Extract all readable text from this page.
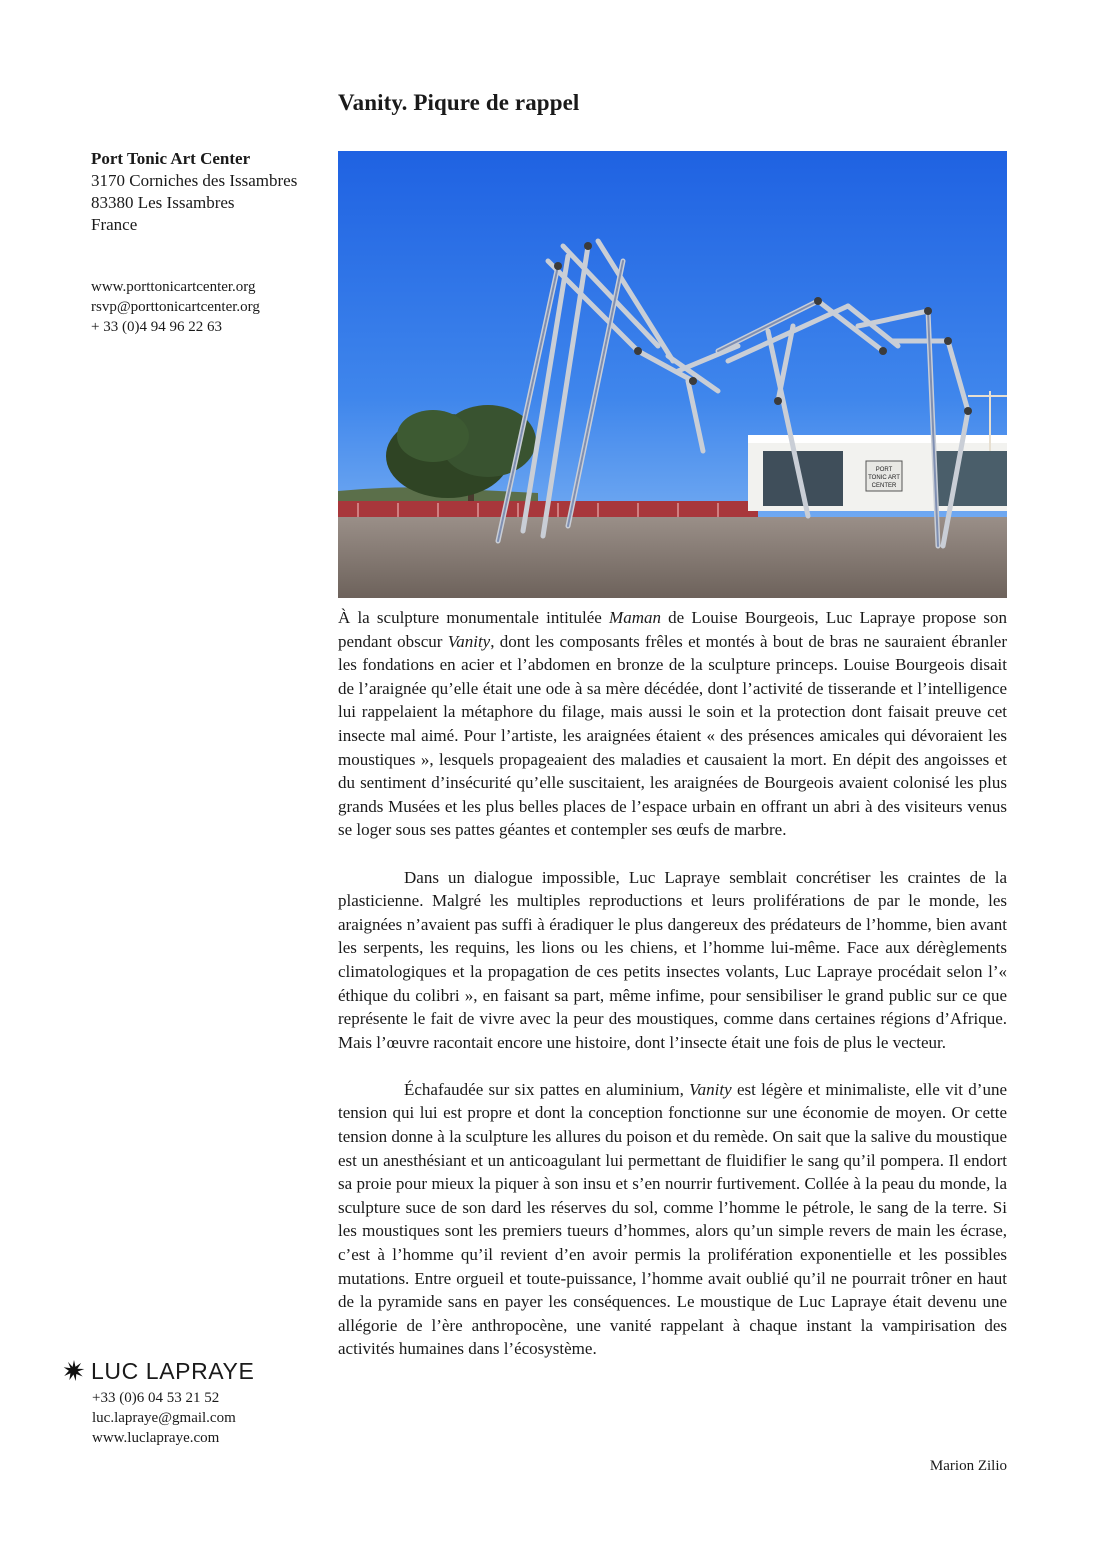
Vanity. Piqure de rappel
Port Tonic Art Center
3170 Corniches des Issambres
83380 Les Issambres
France
www.porttonicartcenter.org
rsvp@porttonicartcenter.org
+ 33 (0)4 94 96 22 63
PORT
TONIC ART
CENTER

À la sculpture monumentale intitulée Maman de Louise Bourgeois, Luc Lapraye propose son pendant obscur Vanity, dont les composants frêles et montés à bout de bras ne sauraient ébranler les fondations en acier et l’abdomen en bronze de la sculpture princeps. Louise Bourgeois disait de l’araignée qu’elle était une ode à sa mère décédée, dont l’activité de tisserande et l’intelligence lui rappelaient la métaphore du filage, mais aussi le soin et la protection dont faisait preuve cet insecte mal aimé. Pour l’artiste, les araignées étaient « des présences amicales qui dévoraient les moustiques », lesquels propageaient des maladies et causaient la mort. En dépit des angoisses et du sentiment d’insécurité qu’elle suscitaient, les araignées de Bourgeois avaient colonisé les plus grands Musées et les plus belles places de l’espace urbain en offrant un abri à des visiteurs venus se loger sous ses pattes géantes et contempler ses œufs de marbre.

Dans un dialogue impossible, Luc Lapraye semblait concrétiser les craintes de la plasticienne. Malgré les multiples reproductions et leurs proliférations de par le monde, les araignées n’avaient pas suffi à éradiquer le plus dangereux des prédateurs de l’homme, bien avant les serpents, les requins, les lions ou les chiens, et l’homme lui-même. Face aux dérèglements climatologiques et la propagation de ces petits insectes volants, Luc Lapraye procédait selon l’« éthique du colibri », en faisant sa part, même infime, pour sensibiliser le grand public sur ce que représente le fait de vivre avec la peur des moustiques, comme dans certaines régions d’Afrique. Mais l’œuvre racontait encore une histoire, dont l’insecte était une fois de plus le vecteur.

Échafaudée sur six pattes en aluminium, Vanity est légère et minimaliste, elle vit d’une tension qui lui est propre et dont la conception fonctionne sur une économie de moyen. Or cette tension donne à la sculpture les allures du poison et du remède. On sait que la salive du moustique est un anesthésiant et un anticoagulant lui permettant de fluidifier le sang qu’il pompera. Il endort sa proie pour mieux la piquer à son insu et s’en nourrir furtivement. Collée à la peau du monde, la sculpture suce de son dard les réserves du sol, comme l’homme le pétrole, le sang de la terre. Si les moustiques sont les premiers tueurs d’hommes, alors qu’un simple revers de main les écrase, c’est à l’homme qu’il revient d’en avoir permis la prolifération exponentielle et les possibles mutations. Entre orgueil et toute-puissance, l’homme avait oublié qu’il ne pourrait trôner en haut de la pyramide sans en payer les conséquences. Le moustique de Luc Lapraye était devenu une allégorie de l’ère anthropocène, une vanité rappelant à chaque instant la vampirisation des activités humaines dans l’écosystème.

Marion Zilio
LUC LAPRAYE
+33 (0)6 04 53 21 52
luc.lapraye@gmail.com
www.luclapraye.com
